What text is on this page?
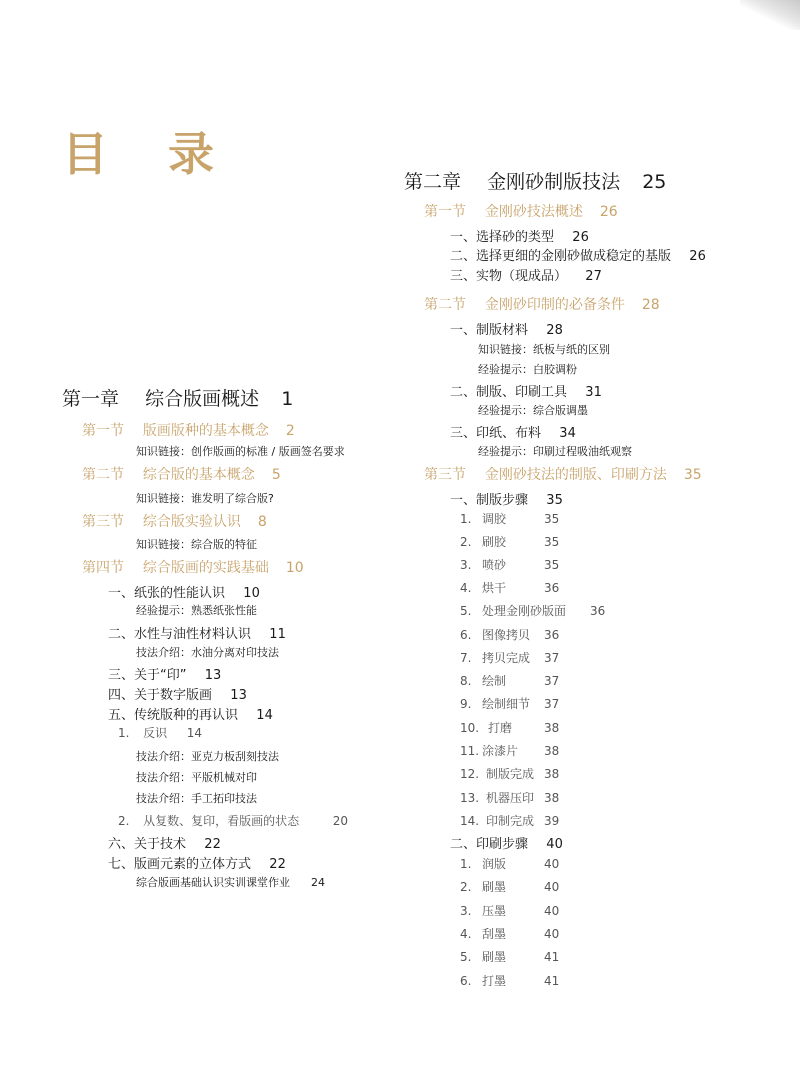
目 录
第一章 综合版画概述 1
第一节 版画版种的基本概念 2
知识链接：创作版画的标准 / 版画签名要求
第二节 综合版的基本概念 5
知识链接：谁发明了综合版?
第三节 综合版实验认识 8
知识链接：综合版的特征
第四节 综合版画的实践基础 10
一、纸张的性能认识 10
经验提示：熟悉纸张性能
二、水性与油性材料认识 11
技法介绍：水油分离对印技法
三、关于“印” 13
四、关于数字版画 13
五、传统版种的再认识 14
1. 反识 14
技法介绍：亚克力板刮刻技法
技法介绍：平版机械对印
技法介绍：手工拓印技法
2. 从复数、复印，看版画的状态	20
六、关于技术 22
七、版画元素的立体方式 22
综合版画基础认识实训课堂作业 24
第二章 金刚砂制版技法 25
第一节 金刚砂技法概述 26
一、选择砂的类型 26
二、选择更细的金刚砂做成稳定的基版 26
三、实物（现成品） 27
第二节 金刚砂印制的必备条件 28
一、制版材料 28
知识链接：纸板与纸的区别
经验提示：白胶调粉
二、制版、印刷工具 31
经验提示：综合版调墨
三、印纸、布料 34
经验提示：印刷过程吸油纸观察
第三节 金刚砂技法的制版、印刷方法 35
一、制版步骤 35
1. 调胶	35
2. 刷胶	35
3. 喷砂	35
4. 烘干	36
5. 处理金刚砂版面 36
6. 图像拷贝 36
7. 拷贝完成 37
8. 绘制	37
9. 绘制细节 37
10. 打磨	38
11. 涂漆片 38
12. 制版完成 38
13. 机器压印 38
14. 印制完成 39
二、印刷步骤 40
1. 润版	40
2. 刷墨	40
3. 压墨	40
4. 刮墨	40
5. 刷墨	41
6. 打墨	41
